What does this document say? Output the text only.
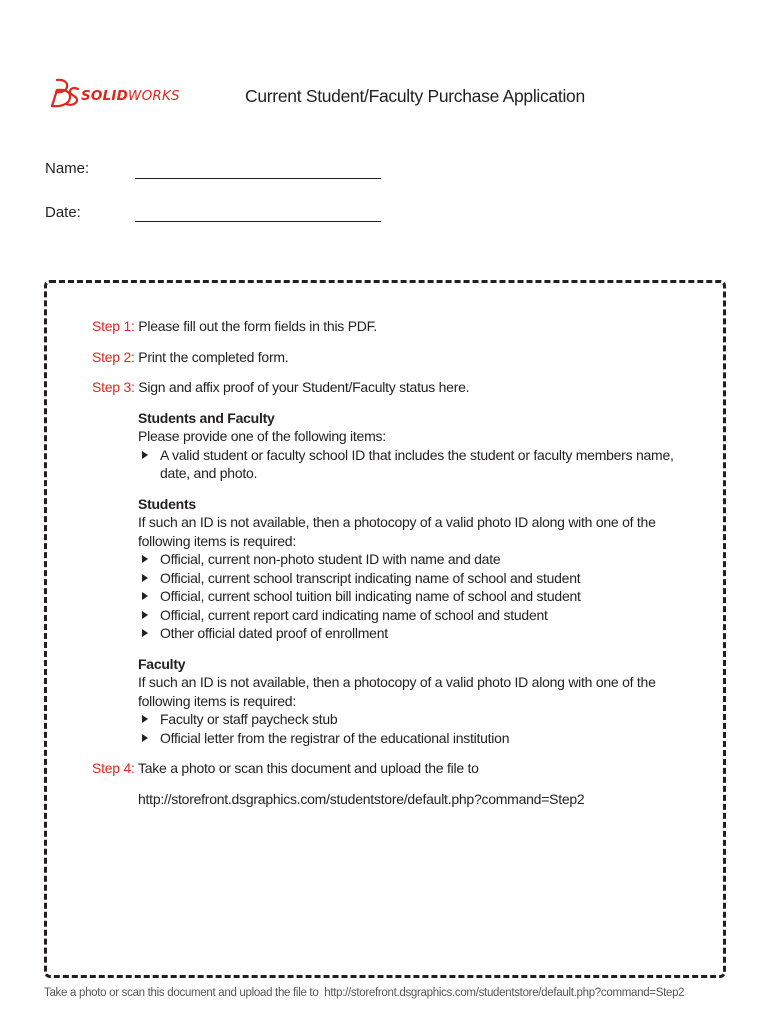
SOLIDWORKS	Current Student/Faculty Purchase Application
Name:
Date:
Step 1: Please fill out the form fields in this PDF.
Step 2: Print the completed form.
Step 3: Sign and affix proof of your Student/Faculty status here.
Students and Faculty
Please provide one of the following items:
A valid student or faculty school ID that includes the student or faculty members name, date, and photo.
Students
If such an ID is not available, then a photocopy of a valid photo ID along with one of the following items is required:
Official, current non-photo student ID with name and date
Official, current school transcript indicating name of school and student
Official, current school tuition bill indicating name of school and student
Official, current report card indicating name of school and student
Other official dated proof of enrollment
Faculty
If such an ID is not available, then a photocopy of a valid photo ID along with one of the following items is required:
Faculty or staff paycheck stub
Official letter from the registrar of the educational institution
Step 4: Take a photo or scan this document and upload the file to
http://storefront.dsgraphics.com/studentstore/default.php?command=Step2
Take a photo or scan this document and upload the file to http://storefront.dsgraphics.com/studentstore/default.php?command=Step2
